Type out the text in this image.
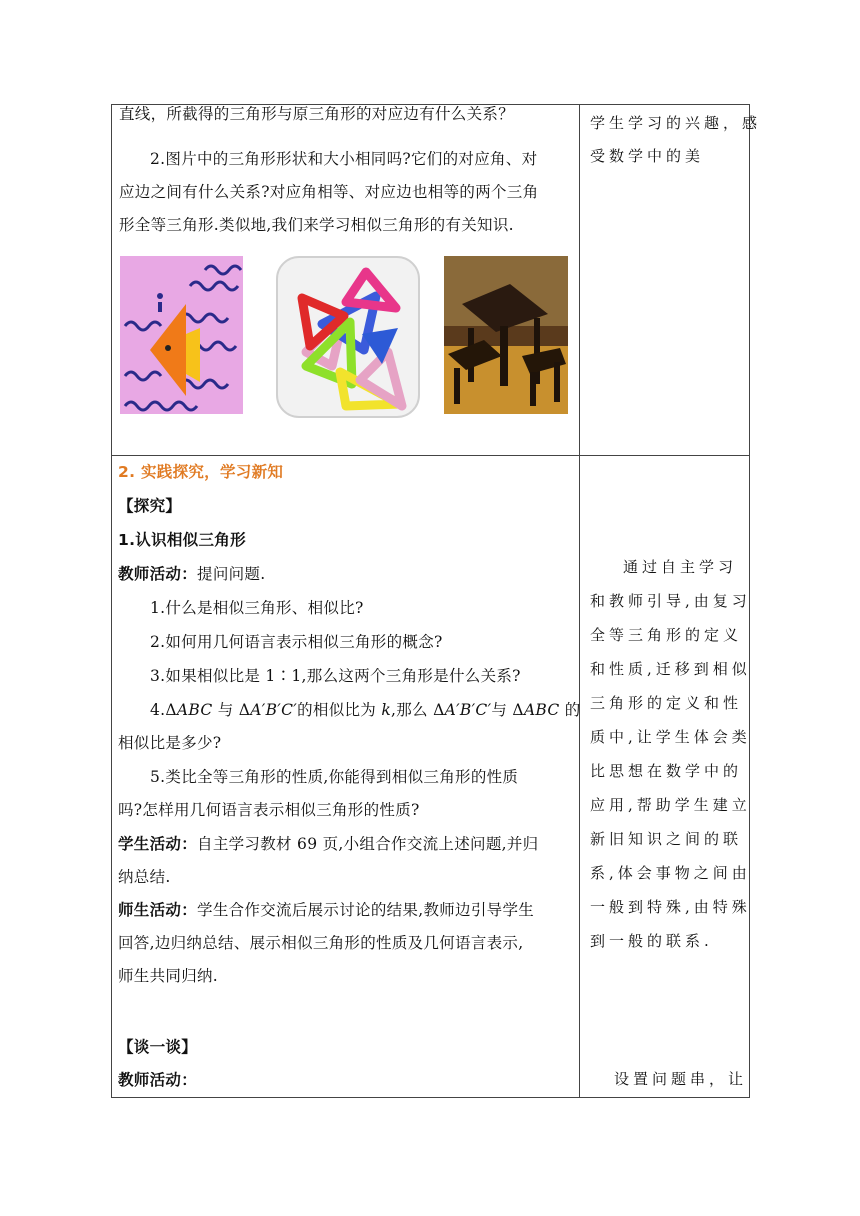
直线，所截得的三角形与原三角形的对应边有什么关系？
2.图片中的三角形形状和大小相同吗?它们的对应角、对
应边之间有什么关系?对应角相等、对应边也相等的两个三角
形全等三角形.类似地,我们来学习相似三角形的有关知识.
学生学习的兴趣，感
受数学中的美
2. 实践探究，学习新知
【探究】
1.认识相似三角形
教师活动：提问问题.
1.什么是相似三角形、相似比?
2.如何用几何语言表示相似三角形的概念?
3.如果相似比是 1∶1,那么这两个三角形是什么关系?
4.ΔABC 与 ΔA′B′C′的相似比为 k,那么 ΔA′B′C′与 ΔABC 的
相似比是多少?
5.类比全等三角形的性质,你能得到相似三角形的性质
吗?怎样用几何语言表示相似三角形的性质?
学生活动：自主学习教材 69 页,小组合作交流上述问题,并归
纳总结.
师生活动：学生合作交流后展示讨论的结果,教师边引导学生
回答,边归纳总结、展示相似三角形的性质及几何语言表示,
师生共同归纳.
【谈一谈】
教师活动：
通过自主学习
和教师引导,由复习
全等三角形的定义
和性质,迁移到相似
三角形的定义和性
质中,让学生体会类
比思想在数学中的
应用,帮助学生建立
新旧知识之间的联
系,体会事物之间由
一般到特殊,由特殊
到一般的联系.
设置问题串，让
